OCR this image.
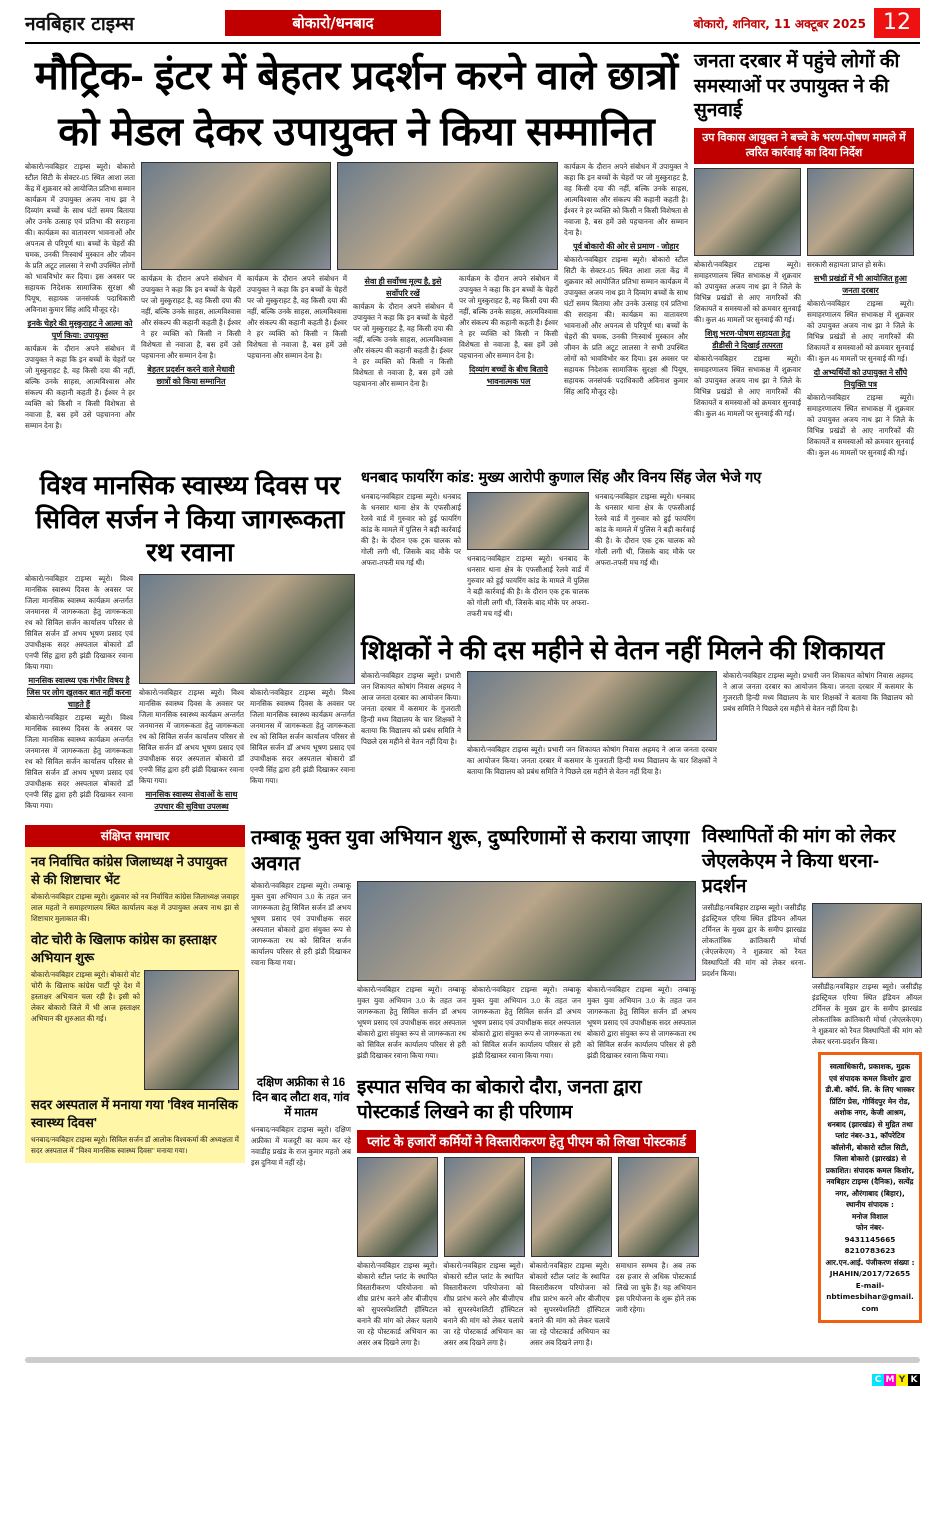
नवबिहार टाइम्स	बोकारो/धनबाद	बोकारो, शनिवार, 11 अक्टूबर 2025 12
मौट्रिक- इंटर में बेहतर प्रदर्शन करने वाले छात्रों
को मेडल देकर उपायुक्त ने किया सम्मानित
बोकारो/नवबिहार टाइम्स ब्यूरो। बोकारो स्टील सिटी के सेक्टर-05 स्थित आशा लता केंद्र में शुक्रवार को आयोजित प्रतिभा सम्मान कार्यक्रम में उपायुक्त अजय नाथ झा ने दिव्यांग बच्चों के साथ घंटों समय बिताया और उनके उत्साह एवं प्रतिभा की सराहना की। कार्यक्रम का वातावरण भावनाओं और अपनत्व से परिपूर्ण था। बच्चों के चेहरों की चमक, उनकी निःस्वार्थ मुस्कान और जीवन के प्रति अटूट लालसा ने सभी उपस्थित लोगों को भावविभोर कर दिया। इस अवसर पर सहायक निदेशक सामाजिक सुरक्षा श्री पियूष, सहायक जनसंपर्क पदाधिकारी अविनाश कुमार सिंह आदि मौजूद रहे।
इनके चेहरे की मुस्कुराहट ने आत्मा को पूर्ण किया: उपायुक्त
कार्यक्रम के दौरान अपने संबोधन में उपायुक्त ने कहा कि इन बच्चों के चेहरों पर जो मुस्कुराहट है, वह किसी दया की नहीं, बल्कि उनके साहस, आत्मविश्वास और संकल्प की कहानी कहती है। ईश्वर ने हर व्यक्ति को किसी न किसी विशेषता से नवाजा है, बस हमें उसे पहचानना और सम्मान देना है।
कार्यक्रम के दौरान अपने संबोधन में उपायुक्त ने कहा कि इन बच्चों के चेहरों पर जो मुस्कुराहट है, वह किसी दया की नहीं, बल्कि उनके साहस, आत्मविश्वास और संकल्प की कहानी कहती है। ईश्वर ने हर व्यक्ति को किसी न किसी विशेषता से नवाजा है, बस हमें उसे पहचानना और सम्मान देना है।
बेहतर प्रदर्शन करने वाले मेधावी छात्रों को किया सम्मानित
कार्यक्रम के दौरान अपने संबोधन में उपायुक्त ने कहा कि इन बच्चों के चेहरों पर जो मुस्कुराहट है, वह किसी दया की नहीं, बल्कि उनके साहस, आत्मविश्वास और संकल्प की कहानी कहती है। ईश्वर ने हर व्यक्ति को किसी न किसी विशेषता से नवाजा है, बस हमें उसे पहचानना और सम्मान देना है।
सेवा ही सर्वोच्च मूल्य है, इसे सर्वोपरि रखें
कार्यक्रम के दौरान अपने संबोधन में उपायुक्त ने कहा कि इन बच्चों के चेहरों पर जो मुस्कुराहट है, वह किसी दया की नहीं, बल्कि उनके साहस, आत्मविश्वास और संकल्प की कहानी कहती है। ईश्वर ने हर व्यक्ति को किसी न किसी विशेषता से नवाजा है, बस हमें उसे पहचानना और सम्मान देना है।
कार्यक्रम के दौरान अपने संबोधन में उपायुक्त ने कहा कि इन बच्चों के चेहरों पर जो मुस्कुराहट है, वह किसी दया की नहीं, बल्कि उनके साहस, आत्मविश्वास और संकल्प की कहानी कहती है। ईश्वर ने हर व्यक्ति को किसी न किसी विशेषता से नवाजा है, बस हमें उसे पहचानना और सम्मान देना है।
दिव्यांग बच्चों के बीच बिताये भावनात्मक पल
कार्यक्रम के दौरान अपने संबोधन में उपायुक्त ने कहा कि इन बच्चों के चेहरों पर जो मुस्कुराहट है, वह किसी दया की नहीं, बल्कि उनके साहस, आत्मविश्वास और संकल्प की कहानी कहती है। ईश्वर ने हर व्यक्ति को किसी न किसी विशेषता से नवाजा है, बस हमें उसे पहचानना और सम्मान देना है।
पूर्व बोकारो की ओर से प्रमाण - जोहार
बोकारो/नवबिहार टाइम्स ब्यूरो। बोकारो स्टील सिटी के सेक्टर-05 स्थित आशा लता केंद्र में शुक्रवार को आयोजित प्रतिभा सम्मान कार्यक्रम में उपायुक्त अजय नाथ झा ने दिव्यांग बच्चों के साथ घंटों समय बिताया और उनके उत्साह एवं प्रतिभा की सराहना की। कार्यक्रम का वातावरण भावनाओं और अपनत्व से परिपूर्ण था। बच्चों के चेहरों की चमक, उनकी निःस्वार्थ मुस्कान और जीवन के प्रति अटूट लालसा ने सभी उपस्थित लोगों को भावविभोर कर दिया। इस अवसर पर सहायक निदेशक सामाजिक सुरक्षा श्री पियूष, सहायक जनसंपर्क पदाधिकारी अविनाश कुमार सिंह आदि मौजूद रहे।
जनता दरबार में पहुंचे लोगों की समस्याओं पर उपायुक्त ने की सुनवाई
उप विकास आयुक्त ने बच्चे के भरण-पोषण मामले में त्वरित कार्रवाई का दिया निर्देश
बोकारो/नवबिहार टाइम्स ब्यूरो। समाहरणालय स्थित सभाकक्ष में शुक्रवार को उपायुक्त अजय नाथ झा ने जिले के विभिन्न प्रखंडों से आए नागरिकों की शिकायतें व समस्याओं को क्रमवार सुनवाई की। कुल 46 मामलों पर सुनवाई की गई।
शिशु भरण-पोषण सहायता हेतु डीडीसी ने दिखाई तत्परता
बोकारो/नवबिहार टाइम्स ब्यूरो। समाहरणालय स्थित सभाकक्ष में शुक्रवार को उपायुक्त अजय नाथ झा ने जिले के विभिन्न प्रखंडों से आए नागरिकों की शिकायतें व समस्याओं को क्रमवार सुनवाई की। कुल 46 मामलों पर सुनवाई की गई।
सरकारी सहायता प्राप्त हो सके।
सभी प्रखंडों में भी आयोजित हुआ जनता दरबार
बोकारो/नवबिहार टाइम्स ब्यूरो। समाहरणालय स्थित सभाकक्ष में शुक्रवार को उपायुक्त अजय नाथ झा ने जिले के विभिन्न प्रखंडों से आए नागरिकों की शिकायतें व समस्याओं को क्रमवार सुनवाई की। कुल 46 मामलों पर सुनवाई की गई।
दो अभ्यर्थियों को उपायुक्त ने सौंपे नियुक्ति पत्र
बोकारो/नवबिहार टाइम्स ब्यूरो। समाहरणालय स्थित सभाकक्ष में शुक्रवार को उपायुक्त अजय नाथ झा ने जिले के विभिन्न प्रखंडों से आए नागरिकों की शिकायतें व समस्याओं को क्रमवार सुनवाई की। कुल 46 मामलों पर सुनवाई की गई।
विश्व मानसिक स्वास्थ्य दिवस पर सिविल सर्जन ने किया जागरूकता रथ रवाना
बोकारो/नवबिहार टाइम्स ब्यूरो। विश्व मानसिक स्वास्थ्य दिवस के अवसर पर जिला मानसिक स्वास्थ्य कार्यक्रम अन्तर्गत जनमानस में जागरूकता हेतु जागरूकता रथ को सिविल सर्जन कार्यालय परिसर से सिविल सर्जन डॉ अभय भूषण प्रसाद एवं उपाधीक्षक सदर अस्पताल बोकारो डॉ एनपी सिंह द्वारा हरी झंडी दिखाकर रवाना किया गया।
मानसिक स्वास्थ्य एक गंभीर विषय है जिस पर लोग खुलकर बात नहीं करना चाहते हैं
बोकारो/नवबिहार टाइम्स ब्यूरो। विश्व मानसिक स्वास्थ्य दिवस के अवसर पर जिला मानसिक स्वास्थ्य कार्यक्रम अन्तर्गत जनमानस में जागरूकता हेतु जागरूकता रथ को सिविल सर्जन कार्यालय परिसर से सिविल सर्जन डॉ अभय भूषण प्रसाद एवं उपाधीक्षक सदर अस्पताल बोकारो डॉ एनपी सिंह द्वारा हरी झंडी दिखाकर रवाना किया गया।
बोकारो/नवबिहार टाइम्स ब्यूरो। विश्व मानसिक स्वास्थ्य दिवस के अवसर पर जिला मानसिक स्वास्थ्य कार्यक्रम अन्तर्गत जनमानस में जागरूकता हेतु जागरूकता रथ को सिविल सर्जन कार्यालय परिसर से सिविल सर्जन डॉ अभय भूषण प्रसाद एवं उपाधीक्षक सदर अस्पताल बोकारो डॉ एनपी सिंह द्वारा हरी झंडी दिखाकर रवाना किया गया।
मानसिक स्वास्थ्य सेवाओं के साथ उपचार की सुविधा उपलब्ध
बोकारो/नवबिहार टाइम्स ब्यूरो। विश्व मानसिक स्वास्थ्य दिवस के अवसर पर जिला मानसिक स्वास्थ्य कार्यक्रम अन्तर्गत जनमानस में जागरूकता हेतु जागरूकता रथ को सिविल सर्जन कार्यालय परिसर से सिविल सर्जन डॉ अभय भूषण प्रसाद एवं उपाधीक्षक सदर अस्पताल बोकारो डॉ एनपी सिंह द्वारा हरी झंडी दिखाकर रवाना किया गया।
धनबाद फायरिंग कांड: मुख्य आरोपी कुणाल सिंह और विनय सिंह जेल भेजे गए
धनबाद/नवबिहार टाइम्स ब्यूरो। धनबाद के धनसार थाना क्षेत्र के एफसीआई रेलवे वार्ड में गुरुवार को हुई फायरिंग कांड के मामले में पुलिस ने बड़ी कार्रवाई की है। के दौरान एक ट्रक चालक को गोली लगी थी, जिसके बाद मौके पर अफरा-तफरी मच गई थी।	धनबाद/नवबिहार टाइम्स ब्यूरो। धनबाद के धनसार थाना क्षेत्र के एफसीआई रेलवे वार्ड में गुरुवार को हुई फायरिंग कांड के मामले में पुलिस ने बड़ी कार्रवाई की है। के दौरान एक ट्रक चालक को गोली लगी थी, जिसके बाद मौके पर अफरा-तफरी मच गई थी।
धनबाद/नवबिहार टाइम्स ब्यूरो। धनबाद के धनसार थाना क्षेत्र के एफसीआई रेलवे वार्ड में गुरुवार को हुई फायरिंग कांड के मामले में पुलिस ने बड़ी कार्रवाई की है। के दौरान एक ट्रक चालक को गोली लगी थी, जिसके बाद मौके पर अफरा-तफरी मच गई थी।
शिक्षकों ने की दस महीने से वेतन नहीं मिलने की शिकायत
बोकारो/नवबिहार टाइम्स ब्यूरो। प्रभारी जन शिकायत कोषांग निवास अहमद ने आज जनता दरबार का आयोजन किया। जनता दरबार में कसमार के गुजराती हिन्दी मध्य विद्यालय के चार शिक्षकों ने बताया कि विद्यालय को प्रबंध समिति ने पिछले दस महीने से वेतन नहीं दिया है।
बोकारो/नवबिहार टाइम्स ब्यूरो। प्रभारी जन शिकायत कोषांग निवास अहमद ने आज जनता दरबार का आयोजन किया। जनता दरबार में कसमार के गुजराती हिन्दी मध्य विद्यालय के चार शिक्षकों ने बताया कि विद्यालय को प्रबंध समिति ने पिछले दस महीने से वेतन नहीं दिया है।
बोकारो/नवबिहार टाइम्स ब्यूरो। प्रभारी जन शिकायत कोषांग निवास अहमद ने आज जनता दरबार का आयोजन किया। जनता दरबार में कसमार के गुजराती हिन्दी मध्य विद्यालय के चार शिक्षकों ने बताया कि विद्यालय को प्रबंध समिति ने पिछले दस महीने से वेतन नहीं दिया है।
संक्षिप्त समाचार
नव निर्वाचित कांग्रेस जिलाध्यक्ष ने उपायुक्त से की शिष्टाचार भेंट
बोकारो/नवबिहार टाइम्स ब्यूरो। शुक्रवार को नव निर्वाचित कांग्रेस जिलाध्यक्ष जवाहर लाल महतो ने समाहरणालय स्थित कार्यालय कक्ष में उपायुक्त अजय नाथ झा से शिष्टाचार मुलाकात की।
वोट चोरी के खिलाफ कांग्रेस का हस्ताक्षर अभियान शुरू
बोकारो/नवबिहार टाइम्स ब्यूरो। बोकारो वोट चोरी के खिलाफ कांग्रेस पार्टी पूरे देश में हस्ताक्षर अभियान चला रही है। इसी को लेकर बोकारो जिले में भी आज हस्ताक्षर अभियान की शुरुआत की गई।
सदर अस्पताल में मनाया गया 'विश्व मानसिक स्वास्थ्य दिवस'
धनबाद/नवबिहार टाइम्स ब्यूरो। सिविल सर्जन डॉ आलोक विश्वकर्मा की अध्यक्षता में सदर अस्पताल में "विश्व मानसिक स्वास्थ्य दिवस" मनाया गया।
तम्बाकू मुक्त युवा अभियान शुरू, दुष्परिणामों से कराया जाएगा अवगत
बोकारो/नवबिहार टाइम्स ब्यूरो। तम्बाकू मुक्त युवा अभियान 3.0 के तहत जन जागरूकता हेतु सिविल सर्जन डॉ अभय भूषण प्रसाद एवं उपाधीक्षक सदर अस्पताल बोकारो द्वारा संयुक्त रूप से जागरूकता रथ को सिविल सर्जन कार्यालय परिसर से हरी झंडी दिखाकर रवाना किया गया।
बोकारो/नवबिहार टाइम्स ब्यूरो। तम्बाकू मुक्त युवा अभियान 3.0 के तहत जन जागरूकता हेतु सिविल सर्जन डॉ अभय भूषण प्रसाद एवं उपाधीक्षक सदर अस्पताल बोकारो द्वारा संयुक्त रूप से जागरूकता रथ को सिविल सर्जन कार्यालय परिसर से हरी झंडी दिखाकर रवाना किया गया।
बोकारो/नवबिहार टाइम्स ब्यूरो। तम्बाकू मुक्त युवा अभियान 3.0 के तहत जन जागरूकता हेतु सिविल सर्जन डॉ अभय भूषण प्रसाद एवं उपाधीक्षक सदर अस्पताल बोकारो द्वारा संयुक्त रूप से जागरूकता रथ को सिविल सर्जन कार्यालय परिसर से हरी झंडी दिखाकर रवाना किया गया।
बोकारो/नवबिहार टाइम्स ब्यूरो। तम्बाकू मुक्त युवा अभियान 3.0 के तहत जन जागरूकता हेतु सिविल सर्जन डॉ अभय भूषण प्रसाद एवं उपाधीक्षक सदर अस्पताल बोकारो द्वारा संयुक्त रूप से जागरूकता रथ को सिविल सर्जन कार्यालय परिसर से हरी झंडी दिखाकर रवाना किया गया।
दक्षिण अफ्रीका से 16 दिन बाद लौटा शव, गांव में मातम
धनबाद/नवबिहार टाइम्स ब्यूरो। दक्षिण अफ्रीका में मजदूरी का काम कर रहे नवाडीह प्रखंड के राज कुमार महतो अब इस दुनिया में नहीं रहे।
इस्पात सचिव का बोकारो दौरा, जनता द्वारा पोस्टकार्ड लिखने का ही परिणाम
प्लांट के हजारों कर्मियों ने विस्तारीकरण हेतु पीएम को लिखा पोस्टकार्ड
बोकारो/नवबिहार टाइम्स ब्यूरो। बोकारो स्टील प्लांट के स्थापित विस्तारीकरण परियोजना को शीघ्र प्रारंभ करने और बीजीएच को सुपरस्पेशलिटी हॉस्पिटल बनाने की मांग को लेकर चलाये जा रहे पोस्टकार्ड अभियान का असर अब दिखने लगा है।
बोकारो/नवबिहार टाइम्स ब्यूरो। बोकारो स्टील प्लांट के स्थापित विस्तारीकरण परियोजना को शीघ्र प्रारंभ करने और बीजीएच को सुपरस्पेशलिटी हॉस्पिटल बनाने की मांग को लेकर चलाये जा रहे पोस्टकार्ड अभियान का असर अब दिखने लगा है।
बोकारो/नवबिहार टाइम्स ब्यूरो। बोकारो स्टील प्लांट के स्थापित विस्तारीकरण परियोजना को शीघ्र प्रारंभ करने और बीजीएच को सुपरस्पेशलिटी हॉस्पिटल बनाने की मांग को लेकर चलाये जा रहे पोस्टकार्ड अभियान का असर अब दिखने लगा है।
समाधान सम्भव है। अब तक दस हजार से अधिक पोस्टकार्ड लिखे जा चुके हैं। यह अभियान इस परियोजना के शुरू होने तक जारी रहेगा।
विस्थापितों की मांग को लेकर जेएलकेएम ने किया धरना-प्रदर्शन
जसीडीह/नवबिहार टाइम्स ब्यूरो। जसीडीह इंडस्ट्रियल एरिया स्थित इंडियन ऑयल टर्मिनल के मुख्य द्वार के समीप झारखंड लोकतांत्रिक क्रांतिकारी मोर्चा (जेएलकेएम) ने शुक्रवार को रैयत विस्थापितों की मांग को लेकर धरना-प्रदर्शन किया।
जसीडीह/नवबिहार टाइम्स ब्यूरो। जसीडीह इंडस्ट्रियल एरिया स्थित इंडियन ऑयल टर्मिनल के मुख्य द्वार के समीप झारखंड लोकतांत्रिक क्रांतिकारी मोर्चा (जेएलकेएम) ने शुक्रवार को रैयत विस्थापितों की मांग को लेकर धरना-प्रदर्शन किया।
स्वत्वाधिकारी, प्रकाशक, मुद्रक एवं संपादक कमल किशोर द्वारा डी.बी. कॉर्प. लि. के लिए भास्कर प्रिंटिंग प्रेस, गोविंदपुर मेन रोड, अशोक नगर, केजी आश्रम, धनबाद (झारखंड) से मुद्रित तथा प्लांट नंबर-31, कॉपरेटिव कॉलोनी, बोकारो स्टील सिटी, जिला बोकारो (झारखंड) से प्रकाशित। संपादक कमल किशोर, नवबिहार टाइम्स (दैनिक), सत्येंद्र नगर, औरंगाबाद (बिहार),
स्थानीय संपादक :
मनोज विशाल
फोन नंबर-
9431145665
8210783623
आर.एन.आई. पंजीकरण संख्या :
JHAHIN/2017/72655
E-mail-
nbtimesbihar@gmail.com
C M Y K
